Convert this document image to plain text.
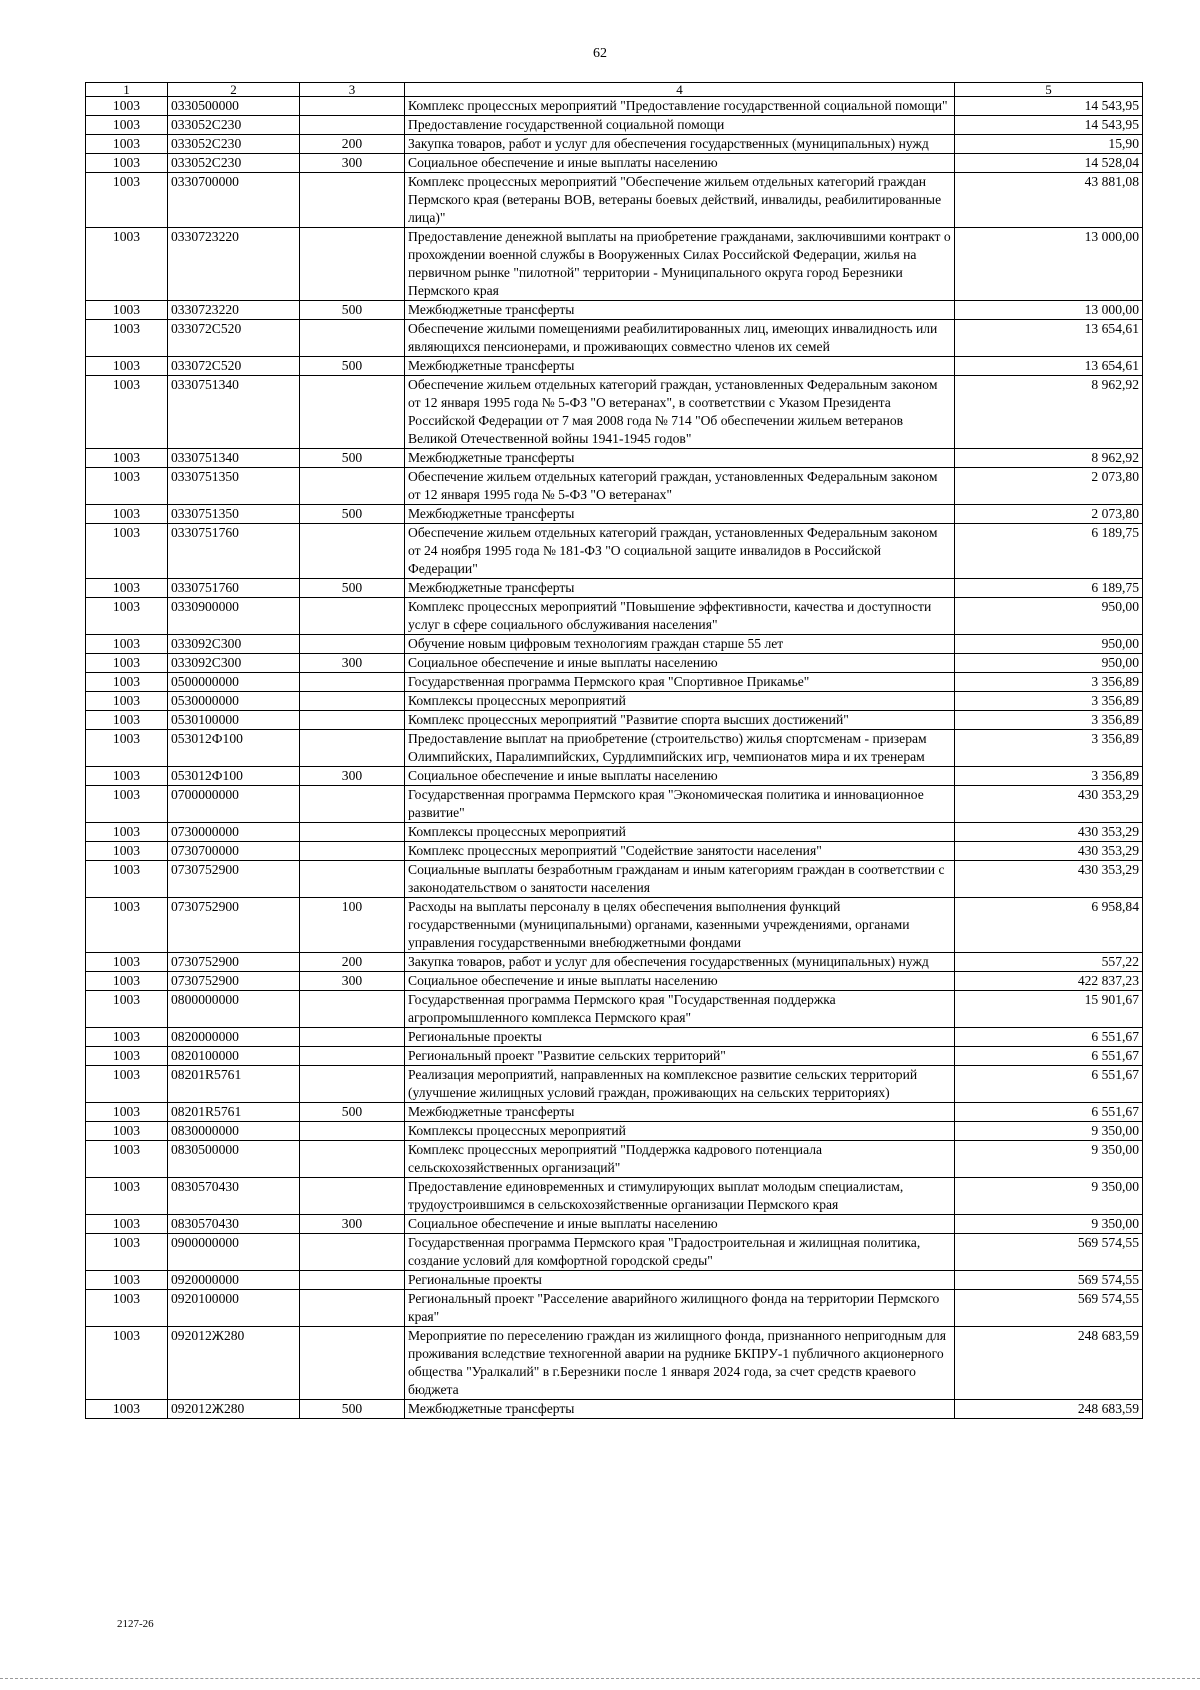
62
1	2	3	4	5
1003	0330500000		Комплекс процессных мероприятий "Предоставление государственной социальной помощи"	14 543,95
1003	033052С230		Предоставление государственной социальной помощи	14 543,95
1003	033052С230	200	Закупка товаров, работ и услуг для обеспечения государственных (муниципальных) нужд	15,90
1003	033052С230	300	Социальное обеспечение и иные выплаты населению	14 528,04
1003	0330700000		Комплекс процессных мероприятий "Обеспечение жильем отдельных категорий граждан Пермского края (ветераны ВОВ, ветераны боевых действий, инвалиды, реабилитированные лица)"	43 881,08
1003	0330723220		Предоставление денежной выплаты на приобретение гражданами, заключившими контракт о прохождении военной службы в Вооруженных Силах Российской Федерации, жилья на первичном рынке "пилотной" территории - Муниципального округа город Березники Пермского края	13 000,00
1003	0330723220	500	Межбюджетные трансферты	13 000,00
1003	033072С520		Обеспечение жилыми помещениями реабилитированных лиц, имеющих инвалидность или являющихся пенсионерами, и проживающих совместно членов их семей	13 654,61
1003	033072С520	500	Межбюджетные трансферты	13 654,61
1003	0330751340		Обеспечение жильем отдельных категорий граждан, установленных Федеральным законом от 12 января 1995 года № 5-ФЗ "О ветеранах", в соответствии с Указом Президента Российской Федерации от 7 мая 2008 года № 714 "Об обеспечении жильем ветеранов Великой Отечественной войны 1941-1945 годов"	8 962,92
1003	0330751340	500	Межбюджетные трансферты	8 962,92
1003	0330751350		Обеспечение жильем отдельных категорий граждан, установленных Федеральным законом от 12 января 1995 года № 5-ФЗ "О ветеранах"	2 073,80
1003	0330751350	500	Межбюджетные трансферты	2 073,80
1003	0330751760		Обеспечение жильем отдельных категорий граждан, установленных Федеральным законом от 24 ноября 1995 года № 181-ФЗ "О социальной защите инвалидов в Российской Федерации"	6 189,75
1003	0330751760	500	Межбюджетные трансферты	6 189,75
1003	0330900000		Комплекс процессных мероприятий "Повышение эффективности, качества и доступности услуг в сфере социального обслуживания населения"	950,00
1003	033092С300		Обучение новым цифровым технологиям граждан старше 55 лет	950,00
1003	033092С300	300	Социальное обеспечение и иные выплаты населению	950,00
1003	0500000000		Государственная программа Пермского края "Спортивное Прикамье"	3 356,89
1003	0530000000		Комплексы процессных мероприятий	3 356,89
1003	0530100000		Комплекс процессных мероприятий "Развитие спорта высших достижений"	3 356,89
1003	053012Ф100		Предоставление выплат на приобретение (строительство) жилья спортсменам - призерам Олимпийских, Паралимпийских, Сурдлимпийских игр, чемпионатов мира и их тренерам	3 356,89
1003	053012Ф100	300	Социальное обеспечение и иные выплаты населению	3 356,89
1003	0700000000		Государственная программа Пермского края "Экономическая политика и инновационное развитие"	430 353,29
1003	0730000000		Комплексы процессных мероприятий	430 353,29
1003	0730700000		Комплекс процессных мероприятий "Содействие занятости населения"	430 353,29
1003	0730752900		Социальные выплаты безработным гражданам и иным категориям граждан в соответствии с законодательством о занятости населения	430 353,29
1003	0730752900	100	Расходы на выплаты персоналу в целях обеспечения выполнения функций государственными (муниципальными) органами, казенными учреждениями, органами управления государственными внебюджетными фондами	6 958,84
1003	0730752900	200	Закупка товаров, работ и услуг для обеспечения государственных (муниципальных) нужд	557,22
1003	0730752900	300	Социальное обеспечение и иные выплаты населению	422 837,23
1003	0800000000		Государственная программа Пермского края "Государственная поддержка агропромышленного комплекса Пермского края"	15 901,67
1003	0820000000		Региональные проекты	6 551,67
1003	0820100000		Региональный проект "Развитие сельских территорий"	6 551,67
1003	08201R5761		Реализация мероприятий, направленных на комплексное развитие сельских территорий (улучшение жилищных условий граждан, проживающих на сельских территориях)	6 551,67
1003	08201R5761	500	Межбюджетные трансферты	6 551,67
1003	0830000000		Комплексы процессных мероприятий	9 350,00
1003	0830500000		Комплекс процессных мероприятий "Поддержка кадрового потенциала сельскохозяйственных организаций"	9 350,00
1003	0830570430		Предоставление единовременных и стимулирующих выплат молодым специалистам, трудоустроившимся в сельскохозяйственные организации Пермского края	9 350,00
1003	0830570430	300	Социальное обеспечение и иные выплаты населению	9 350,00
1003	0900000000		Государственная программа Пермского края "Градостроительная и жилищная политика, создание условий для комфортной городской среды"	569 574,55
1003	0920000000		Региональные проекты	569 574,55
1003	0920100000		Региональный проект "Расселение аварийного жилищного фонда на территории Пермского края"	569 574,55
1003	092012Ж280		Мероприятие по переселению граждан из жилищного фонда, признанного непригодным для проживания вследствие техногенной аварии на руднике БКПРУ-1 публичного акционерного общества "Уралкалий" в г.Березники после 1 января 2024 года, за счет средств краевого бюджета	248 683,59
1003	092012Ж280	500	Межбюджетные трансферты	248 683,59
2127-26
